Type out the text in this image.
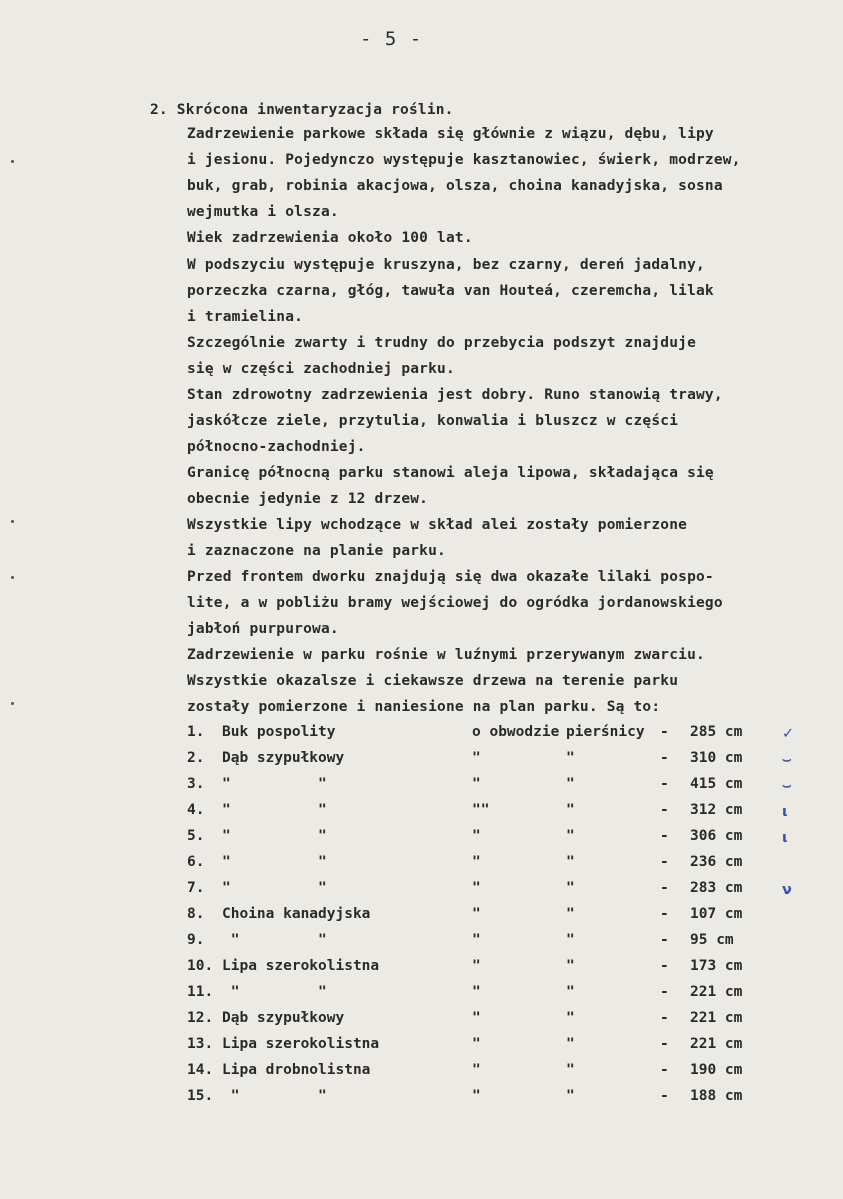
- 5 -
2. Skrócona inwentaryzacja roślin.
Zadrzewienie parkowe składa się głównie z wiązu, dębu, lipy
i jesionu. Pojedynczo występuje kasztanowiec, świerk, modrzew,
buk, grab, robinia akacjowa, olsza, choina kanadyjska, sosna
wejmutka i olsza.
Wiek zadrzewienia około 100 lat.
W podszyciu występuje kruszyna, bez czarny, dereń jadalny,
porzeczka czarna, głóg, tawuła van Houteá, czeremcha, lilak
i tramielina.
Szczególnie zwarty i trudny do przebycia podszyt znajduje
się w części zachodniej parku.
Stan zdrowotny zadrzewienia jest dobry. Runo stanowią trawy,
jaskółcze ziele, przytulia, konwalia i bluszcz w części
północno-zachodniej.
Granicę północną parku stanowi aleja lipowa, składająca się
obecnie jedynie z 12 drzew.
Wszystkie lipy wchodzące w skład alei zostały pomierzone
i zaznaczone na planie parku.
Przed frontem dworku znajdują się dwa okazałe lilaki pospo-
lite, a w pobliżu bramy wejściowej do ogródka jordanowskiego
jabłoń purpurowa.
Zadrzewienie w parku rośnie w luźnymi przerywanym zwarciu.
Wszystkie okazalsze i ciekawsze drzewa na terenie parku
zostały pomierzone i naniesione na plan parku. Są to:
1. Buk pospolity	o obwodzie pierśnicy - 285 cm	✓
2. Dąb szypułkowy	"	"	- 310 cm	⌣
3. "          "	"	"	- 415 cm	⌣
4. "          "	""	"	- 312 cm	ι
5. "          "	"	"	- 306 cm	ι
6. "          "	"	"	- 236 cm
7. "          "	"	"	- 283 cm	ν
8. Choina kanadyjska	"	"	- 107 cm
9. "         "	"	"	- 95 cm
10. Lipa szerokolistna	"	"	- 173 cm
11. "         "	"	"	- 221 cm
12. Dąb szypułkowy	"	"	- 221 cm
13. Lipa szerokolistna	"	"	- 221 cm
14. Lipa drobnolistna	"	"	- 190 cm
15. "         "	"	"	- 188 cm
